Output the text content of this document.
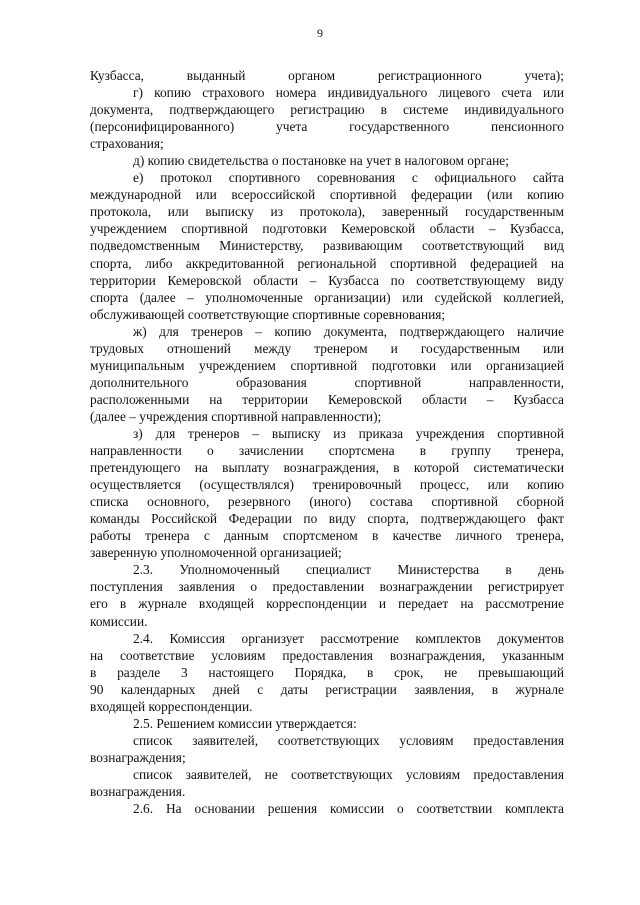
9
Кузбасса, выданный органом регистрационного учета);
г) копию страхового номера индивидуального лицевого счета или
документа, подтверждающего регистрацию в системе индивидуального
(персонифицированного) учета государственного пенсионного
страхования;
д) копию свидетельства о постановке на учет в налоговом органе;
е) протокол спортивного соревнования с официального сайта
международной или всероссийской спортивной федерации (или копию
протокола, или выписку из протокола), заверенный государственным
учреждением спортивной подготовки Кемеровской области – Кузбасса,
подведомственным Министерству, развивающим соответствующий вид
спорта, либо аккредитованной региональной спортивной федерацией на
территории Кемеровской области – Кузбасса по соответствующему виду
спорта (далее – уполномоченные организации) или судейской коллегией,
обслуживающей соответствующие спортивные соревнования;
ж) для тренеров – копию документа, подтверждающего наличие
трудовых отношений между тренером и государственным или
муниципальным учреждением спортивной подготовки или организацией
дополнительного образования спортивной направленности,
расположенными на территории Кемеровской области – Кузбасса
(далее – учреждения спортивной направленности);
з) для тренеров – выписку из приказа учреждения спортивной
направленности о зачислении спортсмена в группу тренера,
претендующего на выплату вознаграждения, в которой систематически
осуществляется (осуществлялся) тренировочный процесс, или копию
списка основного, резервного (иного) состава спортивной сборной
команды Российской Федерации по виду спорта, подтверждающего факт
работы тренера с данным спортсменом в качестве личного тренера,
заверенную уполномоченной организацией;
2.3. Уполномоченный специалист Министерства в день
поступления заявления о предоставлении вознаграждении регистрирует
его в журнале входящей корреспонденции и передает на рассмотрение
комиссии.
2.4. Комиссия организует рассмотрение комплектов документов
на соответствие условиям предоставления вознаграждения, указанным
в разделе 3 настоящего Порядка, в срок, не превышающий
90 календарных дней с даты регистрации заявления, в журнале
входящей корреспонденции.
2.5. Решением комиссии утверждается:
список заявителей, соответствующих условиям предоставления
вознаграждения;
список заявителей, не соответствующих условиям предоставления
вознаграждения.
2.6. На основании решения комиссии о соответствии комплекта
